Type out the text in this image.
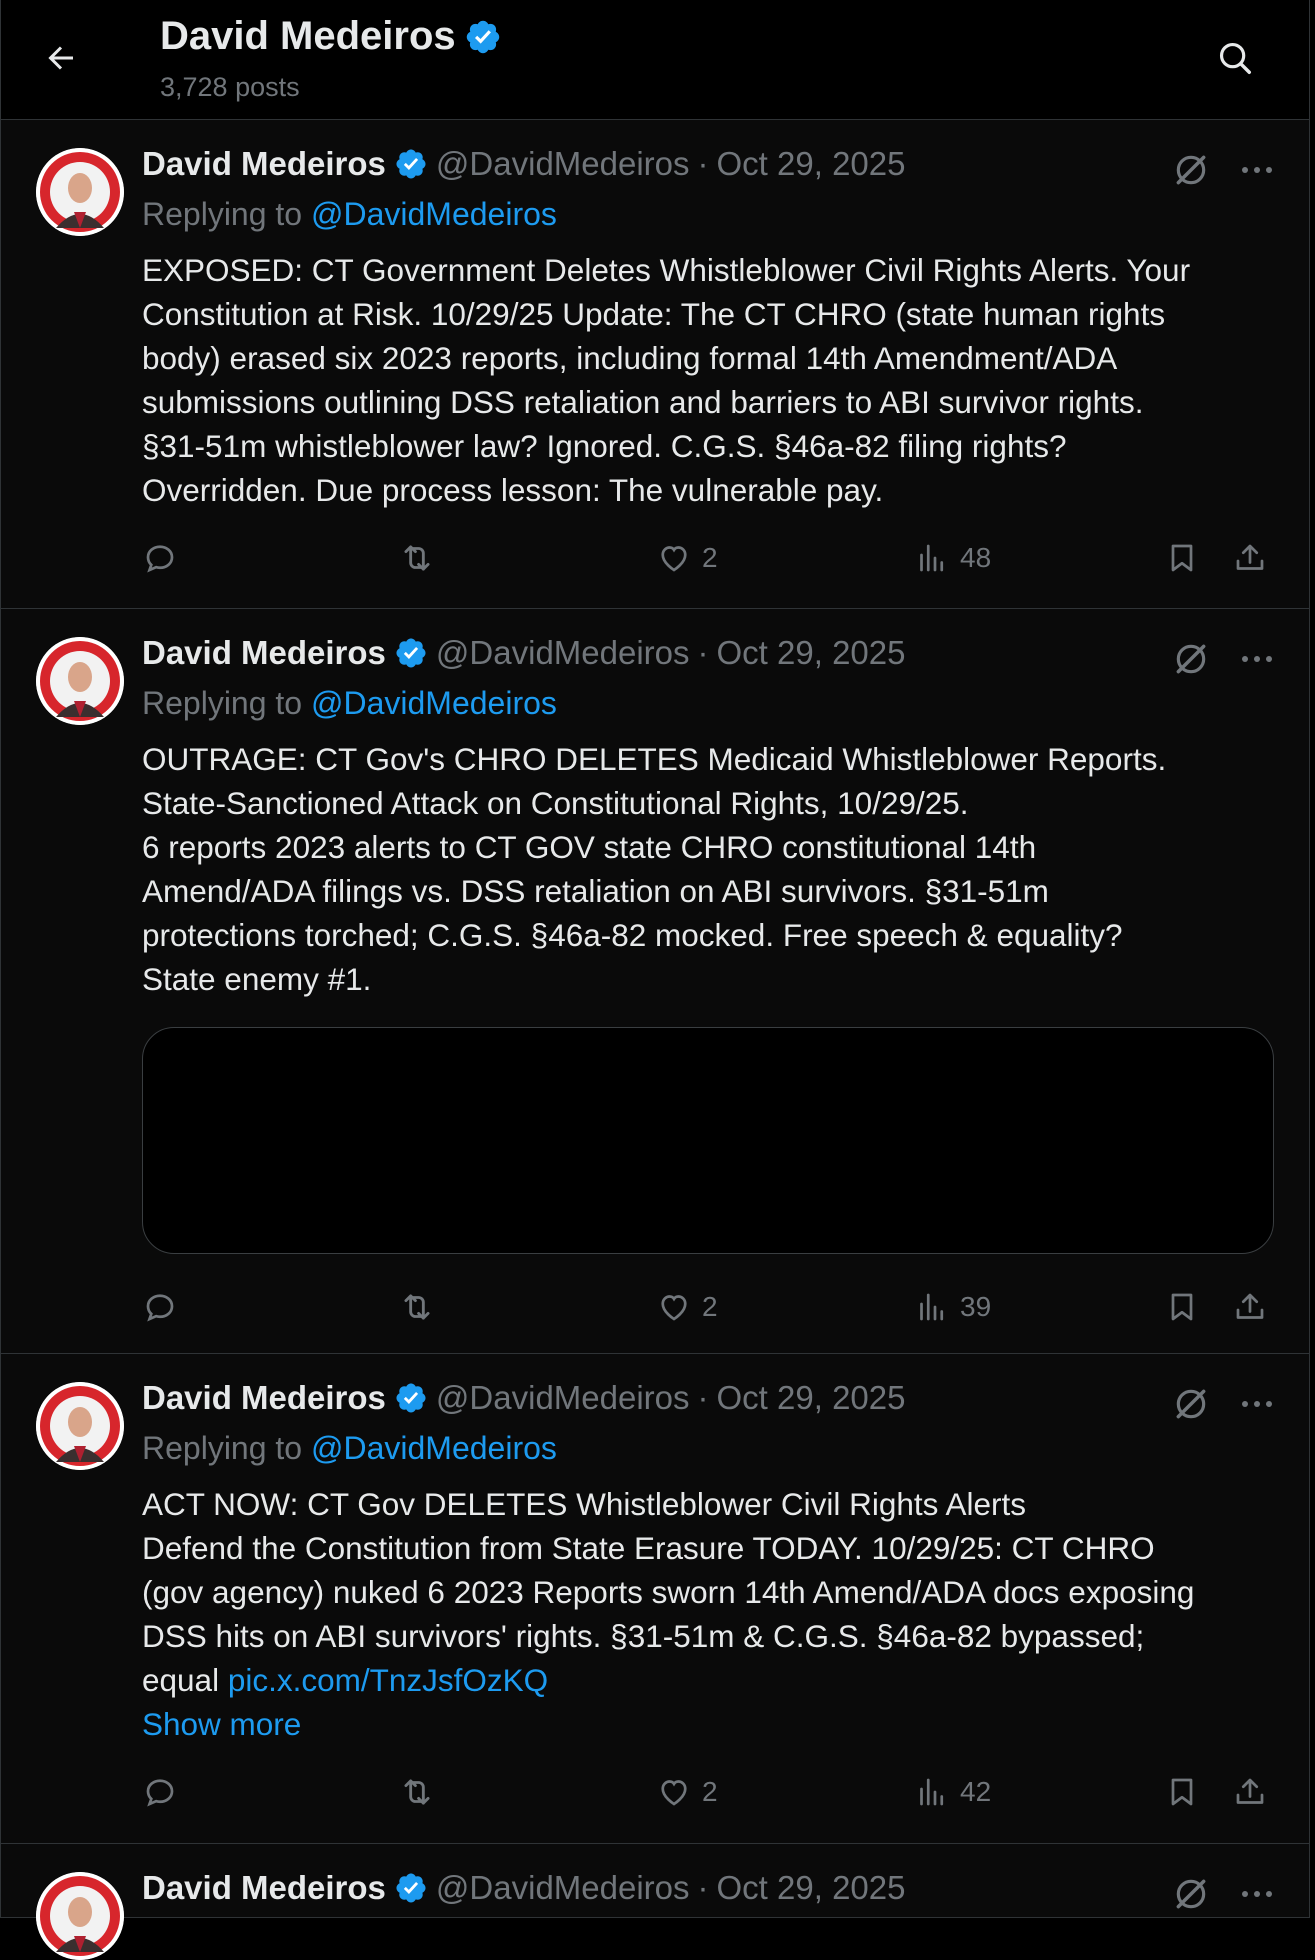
David Medeiros
3,728 posts
David Medeiros @DavidMedeiros · Oct 29, 2025
Replying to @DavidMedeiros
EXPOSED: CT Government Deletes Whistleblower Civil Rights Alerts. Your
Constitution at Risk. 10/29/25 Update: The CT CHRO (state human rights
body) erased six 2023 reports, including formal 14th Amendment/ADA
submissions outlining DSS retaliation and barriers to ABI survivor rights.
§31-51m whistleblower law? Ignored. C.G.S. §46a-82 filing rights?
Overridden. Due process lesson: The vulnerable pay.
2	48
David Medeiros @DavidMedeiros · Oct 29, 2025
Replying to @DavidMedeiros
OUTRAGE: CT Gov's CHRO DELETES Medicaid Whistleblower Reports.
State-Sanctioned Attack on Constitutional Rights, 10/29/25.
6 reports 2023 alerts to CT GOV state CHRO constitutional 14th
Amend/ADA filings vs. DSS retaliation on ABI survivors. §31-51m
protections torched; C.G.S. §46a-82 mocked. Free speech & equality?
State enemy #1.
2	39
David Medeiros @DavidMedeiros · Oct 29, 2025
Replying to @DavidMedeiros
ACT NOW: CT Gov DELETES Whistleblower Civil Rights Alerts
Defend the Constitution from State Erasure TODAY. 10/29/25: CT CHRO
(gov agency) nuked 6 2023 Reports sworn 14th Amend/ADA docs exposing
DSS hits on ABI survivors' rights. §31-51m & C.G.S. §46a-82 bypassed;
equal pic.x.com/TnzJsfOzKQ
Show more
2	42
David Medeiros @DavidMedeiros · Oct 29, 2025
